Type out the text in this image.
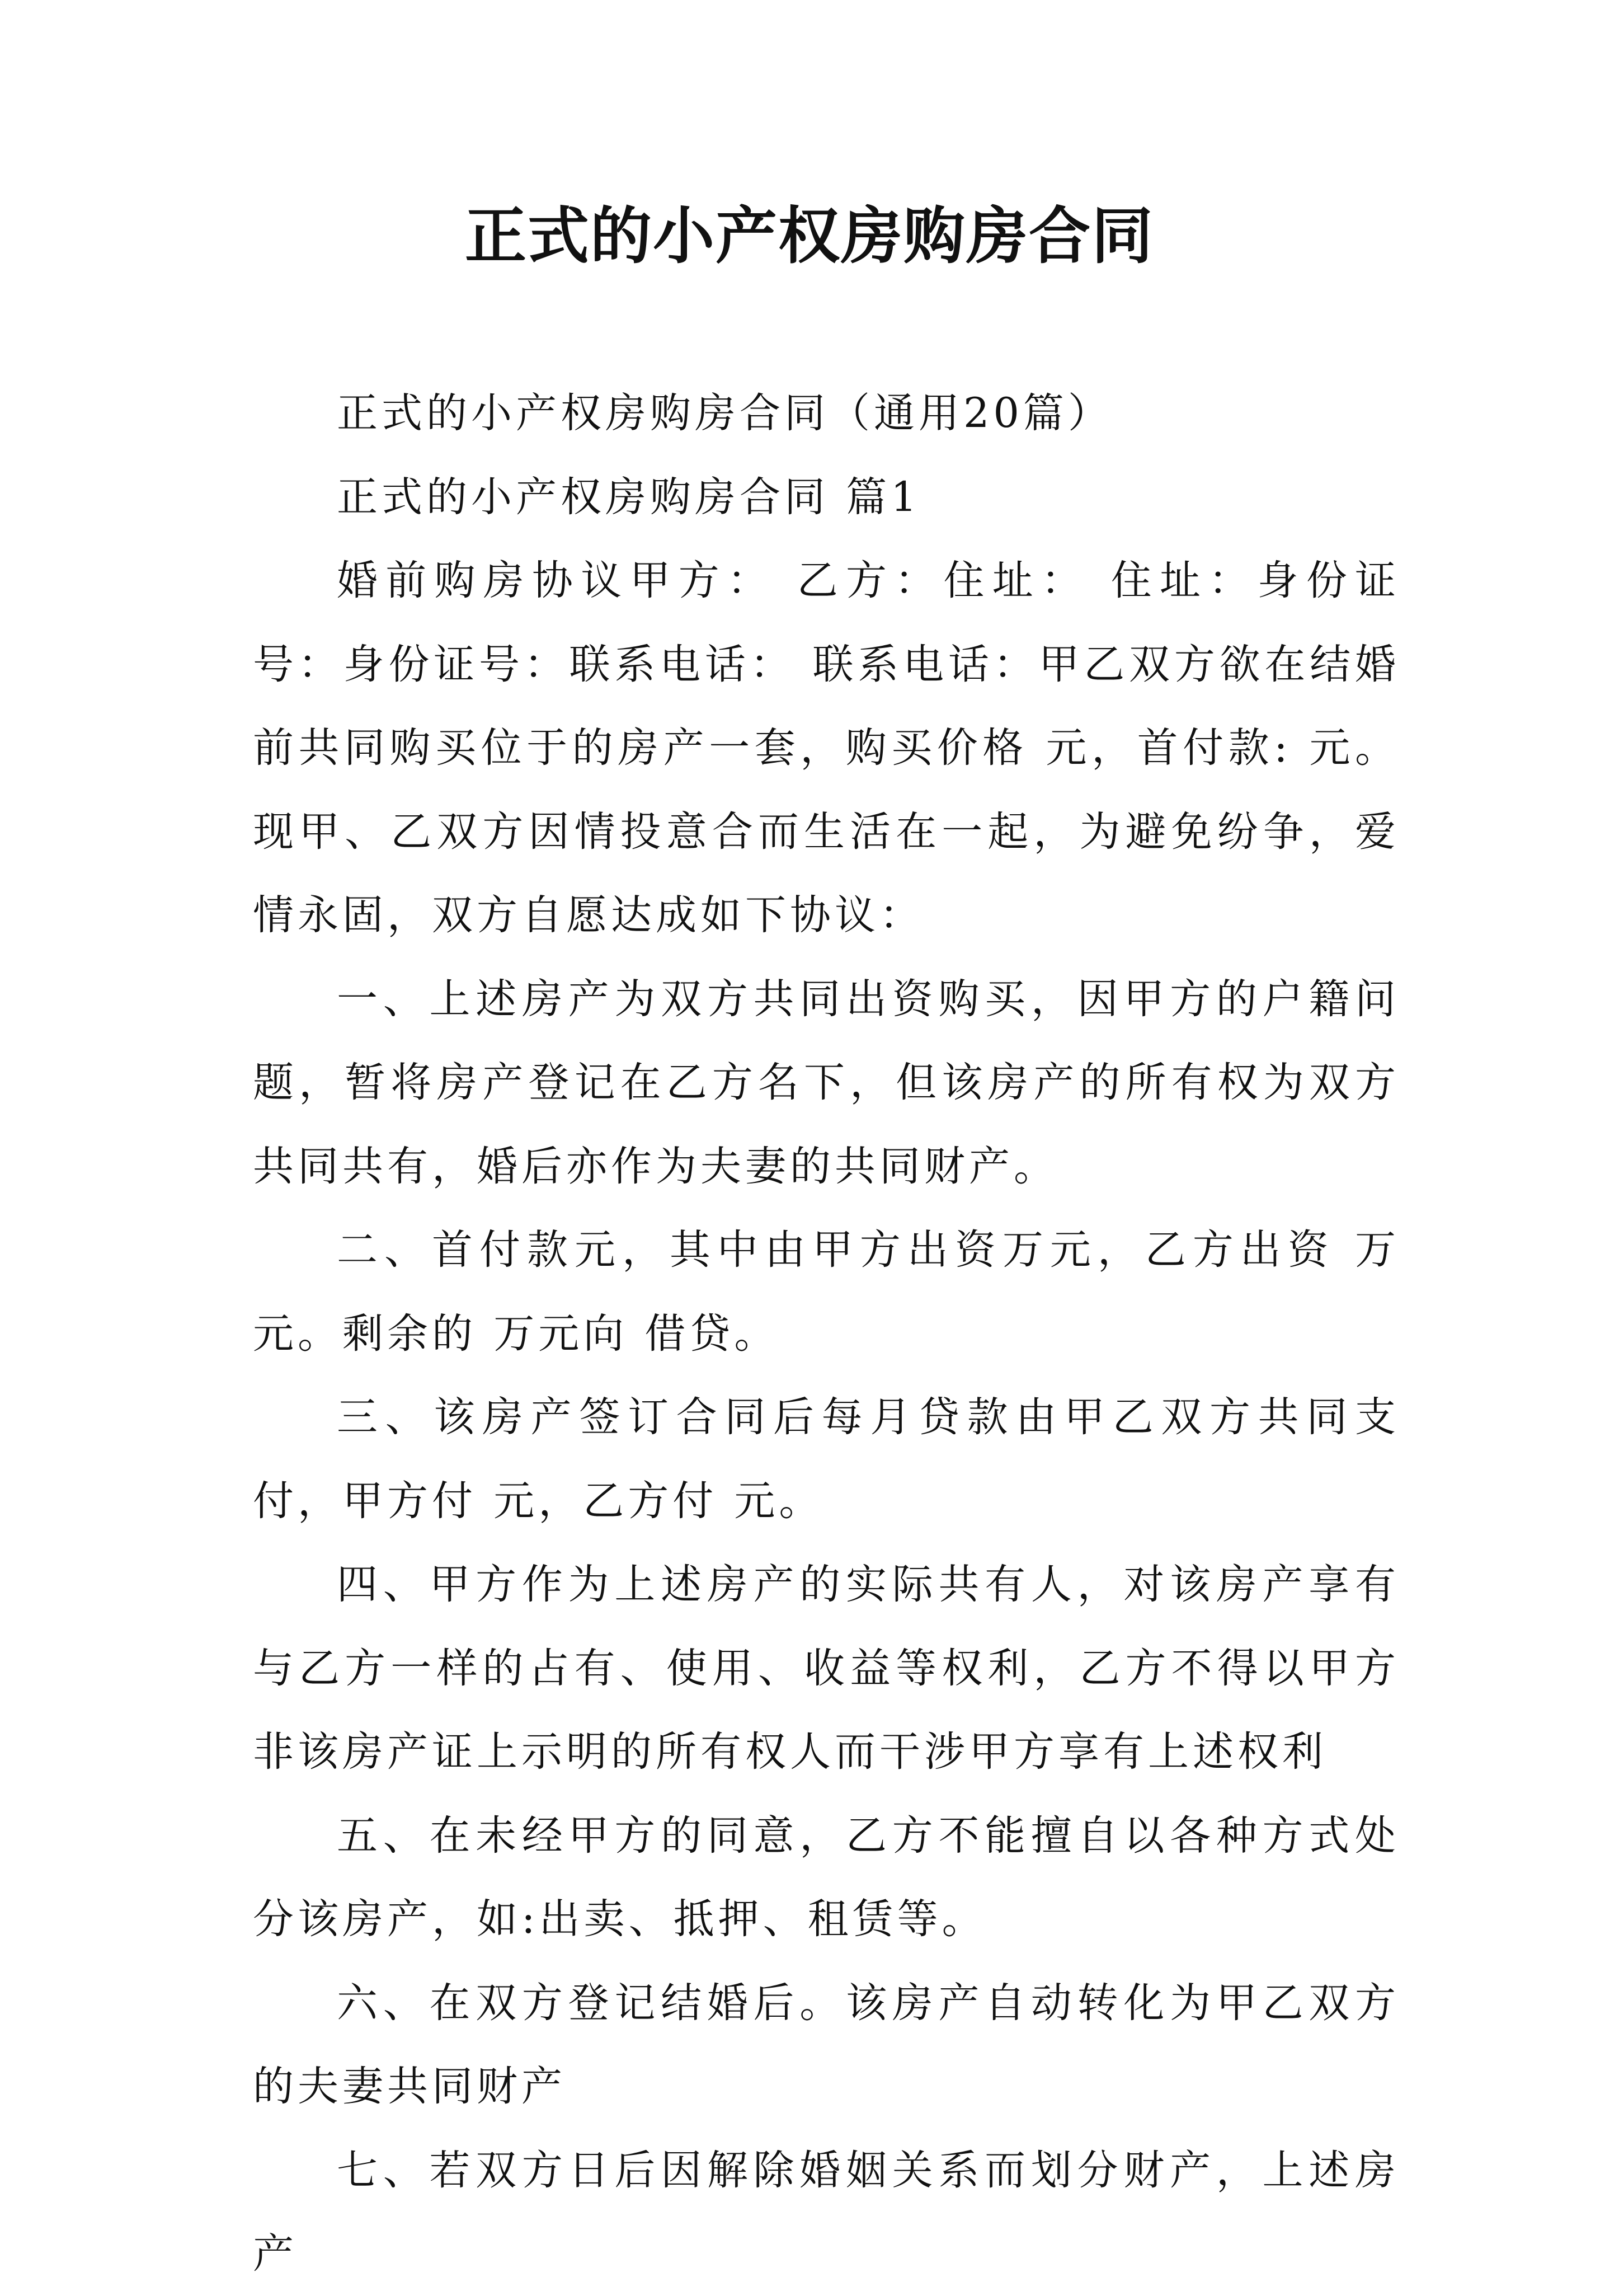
正式的小产权房购房合同

正式的小产权房购房合同（通用20篇）

正式的小产权房购房合同 篇1

婚前购房协议甲方： 乙方：住址： 住址：身份证号：身份证号：联系电话： 联系电话：甲乙双方欲在结婚前共同购买位于的房产一套，购买价格 元，首付款: 元。现甲、乙双方因情投意合而生活在一起，为避免纷争，爱情永固，双方自愿达成如下协议：

一、上述房产为双方共同出资购买，因甲方的户籍问题，暂将房产登记在乙方名下，但该房产的所有权为双方共同共有，婚后亦作为夫妻的共同财产。

二、首付款元，其中由甲方出资万元，乙方出资 万元。剩余的 万元向 借贷。

三、该房产签订合同后每月贷款由甲乙双方共同支付，甲方付 元，乙方付 元。

四、甲方作为上述房产的实际共有人，对该房产享有与乙方一样的占有、使用、收益等权利，乙方不得以甲方非该房产证上示明的所有权人而干涉甲方享有上述权利

五、在未经甲方的同意，乙方不能擅自以各种方式处分该房产，如:出卖、抵押、租赁等。

六、在双方登记结婚后。该房产自动转化为甲乙双方的夫妻共同财产

七、若双方日后因解除婚姻关系而划分财产，上述房产
